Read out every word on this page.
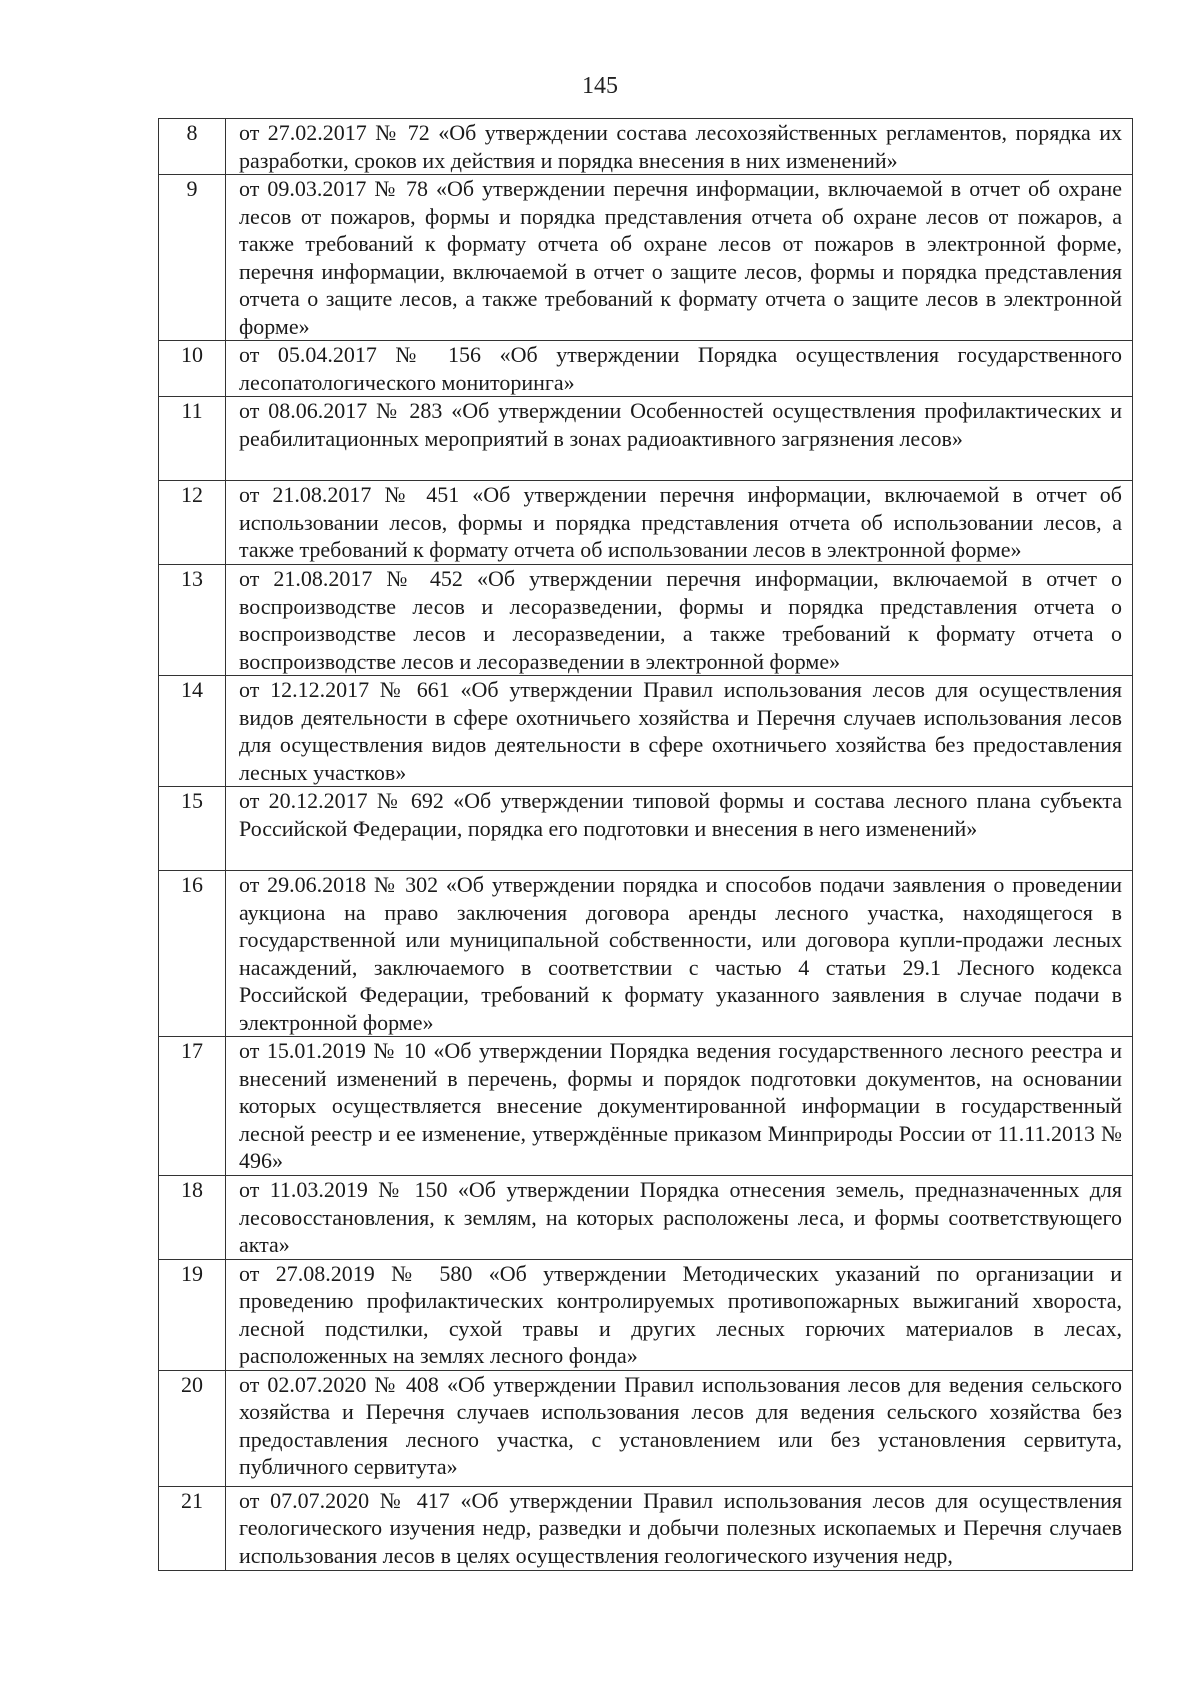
145
8	от 27.02.2017 № 72 «Об утверждении состава лесохозяйственных регламентов, порядка их разработки, сроков их действия и порядка внесения в них изменений»
9	от 09.03.2017 № 78 «Об утверждении перечня информации, включаемой в отчет об охране лесов от пожаров, формы и порядка представления отчета об охране лесов от пожаров, а также требований к формату отчета об охране лесов от пожаров в электронной форме, перечня информации, включаемой в отчет о защите лесов, формы и порядка представления отчета о защите лесов, а также требований к формату отчета о защите лесов в электронной форме»
10	от 05.04.2017 № 156 «Об утверждении Порядка осуществления государственного лесопатологического мониторинга»
11	от 08.06.2017 № 283 «Об утверждении Особенностей осуществления профилактических и реабилитационных мероприятий в зонах радиоактивного загрязнения лесов»
12	от 21.08.2017 № 451 «Об утверждении перечня информации, включаемой в отчет об использовании лесов, формы и порядка представления отчета об использовании лесов, а также требований к формату отчета об использовании лесов в электронной форме»
13	от 21.08.2017 № 452 «Об утверждении перечня информации, включаемой в отчет о воспроизводстве лесов и лесоразведении, формы и порядка представления отчета о воспроизводстве лесов и лесоразведении, а также требований к формату отчета о воспроизводстве лесов и лесоразведении в электронной форме»
14	от 12.12.2017 № 661 «Об утверждении Правил использования лесов для осуществления видов деятельности в сфере охотничьего хозяйства и Перечня случаев использования лесов для осуществления видов деятельности в сфере охотничьего хозяйства без предоставления лесных участков»
15	от 20.12.2017 № 692 «Об утверждении типовой формы и состава лесного плана субъекта Российской Федерации, порядка его подготовки и внесения в него изменений»
16	от 29.06.2018 № 302 «Об утверждении порядка и способов подачи заявления о проведении аукциона на право заключения договора аренды лесного участка, находящегося в государственной или муниципальной собственности, или договора купли-продажи лесных насаждений, заключаемого в соответствии с частью 4 статьи 29.1 Лесного кодекса Российской Федерации, требований к формату указанного заявления в случае подачи в электронной форме»
17	от 15.01.2019 № 10 «Об утверждении Порядка ведения государственного лесного реестра и внесений изменений в перечень, формы и порядок подготовки документов, на основании которых осуществляется внесение документированной информации в государственный лесной реестр и ее изменение, утверждённые приказом Минприроды России от 11.11.2013 № 496»
18	от 11.03.2019 № 150 «Об утверждении Порядка отнесения земель, предназначенных для лесовосстановления, к землям, на которых расположены леса, и формы соответствующего акта»
19	от 27.08.2019 № 580 «Об утверждении Методических указаний по организации и проведению профилактических контролируемых противопожарных выжиганий хвороста, лесной подстилки, сухой травы и других лесных горючих материалов в лесах, расположенных на землях лесного фонда»
20	от 02.07.2020 № 408 «Об утверждении Правил использования лесов для ведения сельского хозяйства и Перечня случаев использования лесов для ведения сельского хозяйства без предоставления лесного участка, с установлением или без установления сервитута, публичного сервитута»
21	от 07.07.2020 № 417 «Об утверждении Правил использования лесов для осуществления геологического изучения недр, разведки и добычи полезных ископаемых и Перечня случаев использования лесов в целях осуществления геологического изучения недр,
